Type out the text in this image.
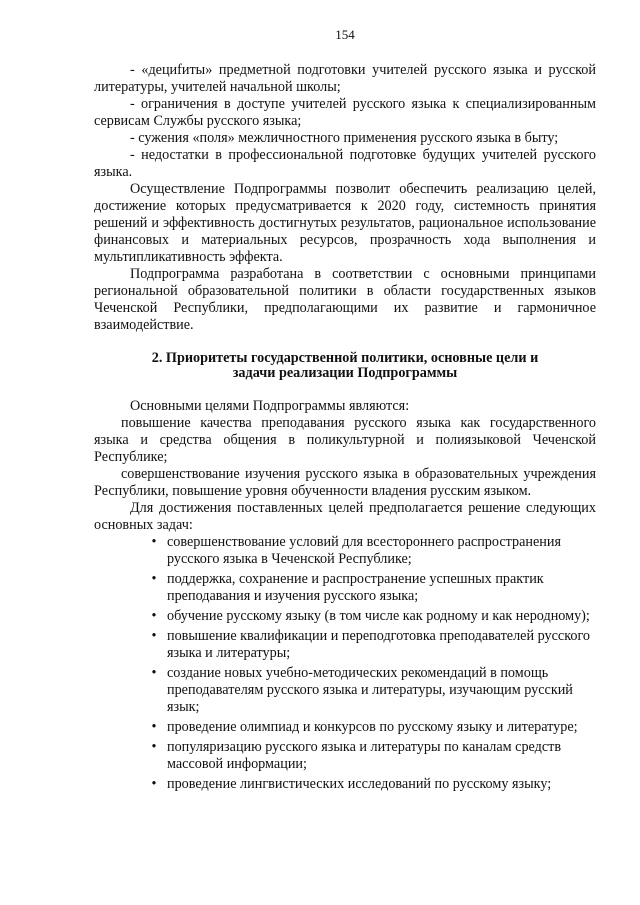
154

- «дециfиты» предметной подготовки учителей русского языка и русской литературы, учителей начальной школы;

- ограничения в доступе учителей русского языка к специализированным сервисам Службы русского языка;

- сужения «поля» межличностного применения русского языка в быту;

- недостатки в профессиональной подготовке будущих учителей русского языка.

Осуществление Подпрограммы позволит обеспечить реализацию целей, достижение которых предусматривается к 2020 году, системность принятия решений и эффективность достигнутых результатов, рациональное использование финансовых и материальных ресурсов, прозрачность хода выполнения и мультипликативность эффекта.

Подпрограмма разработана в соответствии с основными принципами региональной образовательной политики в области государственных языков Чеченской Республики, предполагающими их развитие и гармоничное взаимодействие.

2. Приоритеты государственной политики, основные цели и
задачи реализации Подпрограммы

Основными целями Подпрограммы являются:

повышение качества преподавания русского языка как государственного языка и средства общения в поликультурной и полиязыковой Чеченской Республике;

совершенствование изучения русского языка в образовательных учреждения Республики, повышение уровня обученности владения русским языком.

Для достижения поставленных целей предполагается решение следующих основных задач:

• совершенствование условий для всестороннего распространения русского языка в Чеченской Республике;
• поддержка, сохранение и распространение успешных практик преподавания и изучения русского языка;
• обучение русскому языку (в том числе как родному и как неродному);
• повышение квалификации и переподготовка преподавателей русского языка и литературы;
• создание новых учебно-методических рекомендаций в помощь преподавателям русского языка и литературы, изучающим русский язык;
• проведение олимпиад и конкурсов по русскому языку и литературе;
• популяризацию русского языка и литературы по каналам средств массовой информации;
• проведение лингвистических исследований по русскому языку;
